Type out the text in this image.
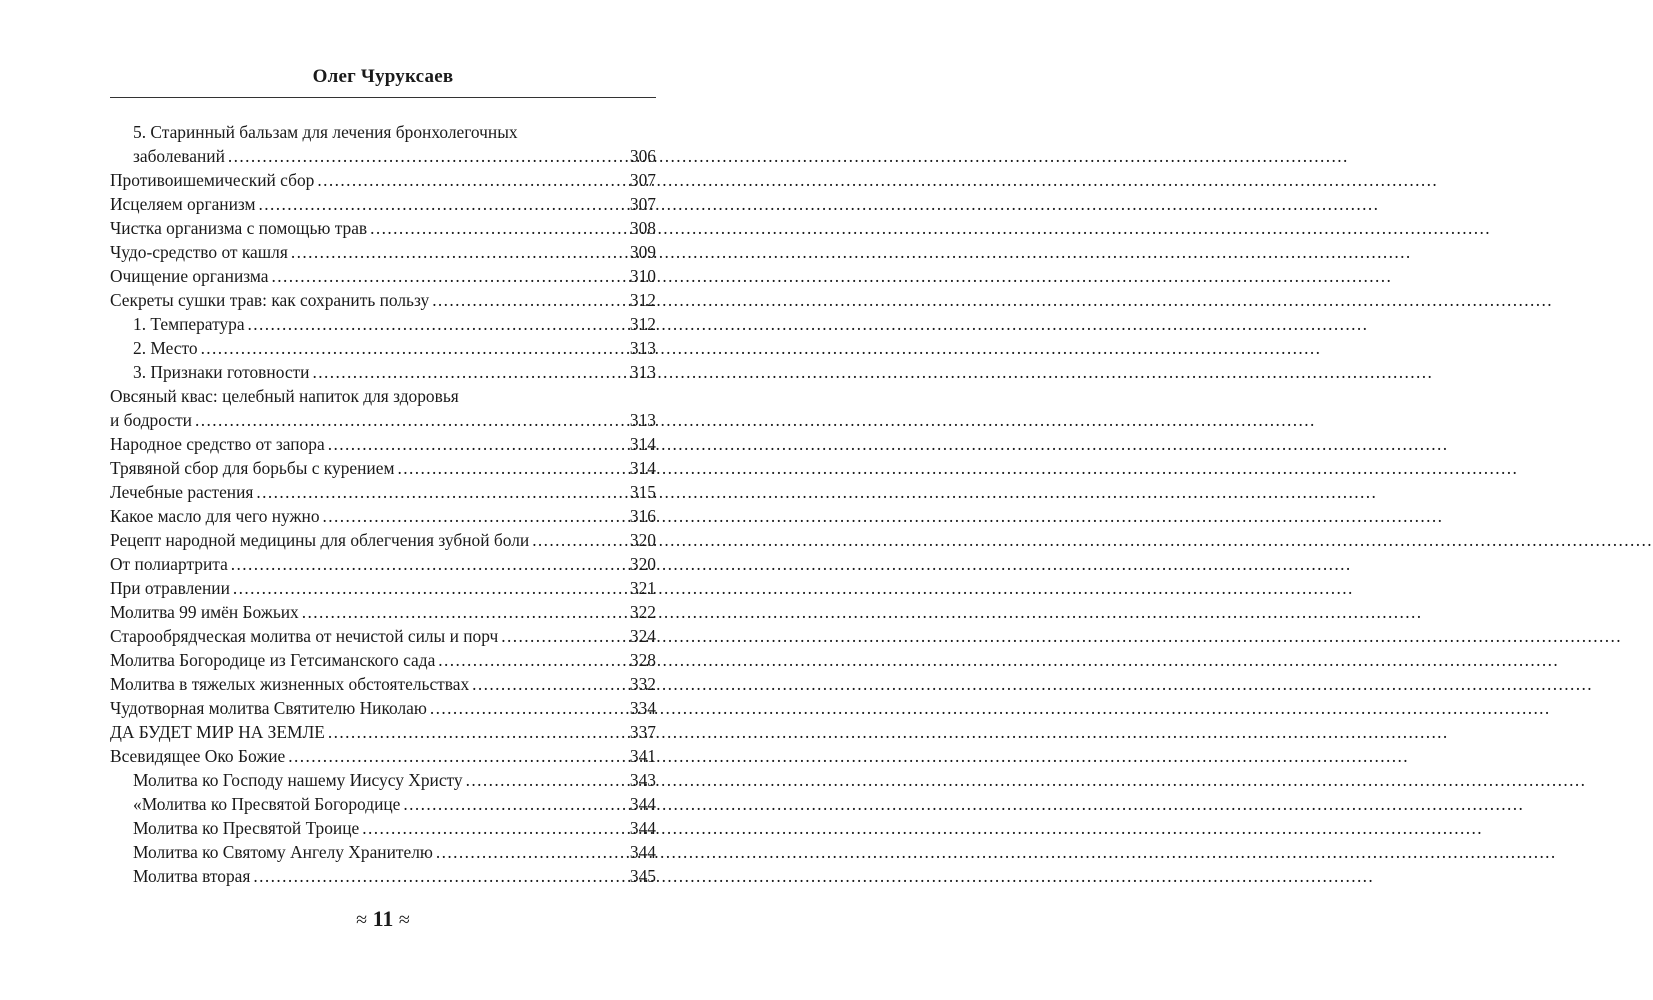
Олег Чуруксаев
5. Старинный бальзам для лечения бронхолегочных
заболеваний .....	306
Противоишемический сбор .....	307
Исцеляем организм .....	307
Чистка организма с помощью трав .....	308
Чудо-средство от кашля .....	309
Очищение организма .....	310
Секреты сушки трав: как сохранить пользу .....	312
1. Температура .....	312
2. Место .....	313
3. Признаки готовности .....	313
Овсяный квас: целебный напиток для здоровья
и бодрости .....	313
Народное средство от запора .....	314
Трявяной сбор для борьбы с курением .....	314
Лечебные растения .....	315
Какое масло для чего нужно .....	316
Рецепт народной медицины для облегчения зубной боли .....	320
От полиартрита .....	320
При отравлении .....	321
Молитва 99 имён Божьих .....	322
Старообрядческая молитва от нечистой силы и порч .....	324
Молитва Богородице из Гетсиманского сада .....	328
Молитва в тяжелых жизненных обстоятельствах .....	332
Чудотворная молитва Святителю Николаю .....	334
ДА БУДЕТ МИР НА ЗЕМЛЕ .....	337
Всевидящее Око Божие .....	341
Молитва ко Господу нашему Иисусу Христу .....	343
«Молитва ко Пресвятой Богородице .....	344
Молитва ко Пресвятой Троице .....	344
Молитва ко Святому Ангелу Хранителю .....	344
Молитва вторая .....	345
≈ 11 ≈
